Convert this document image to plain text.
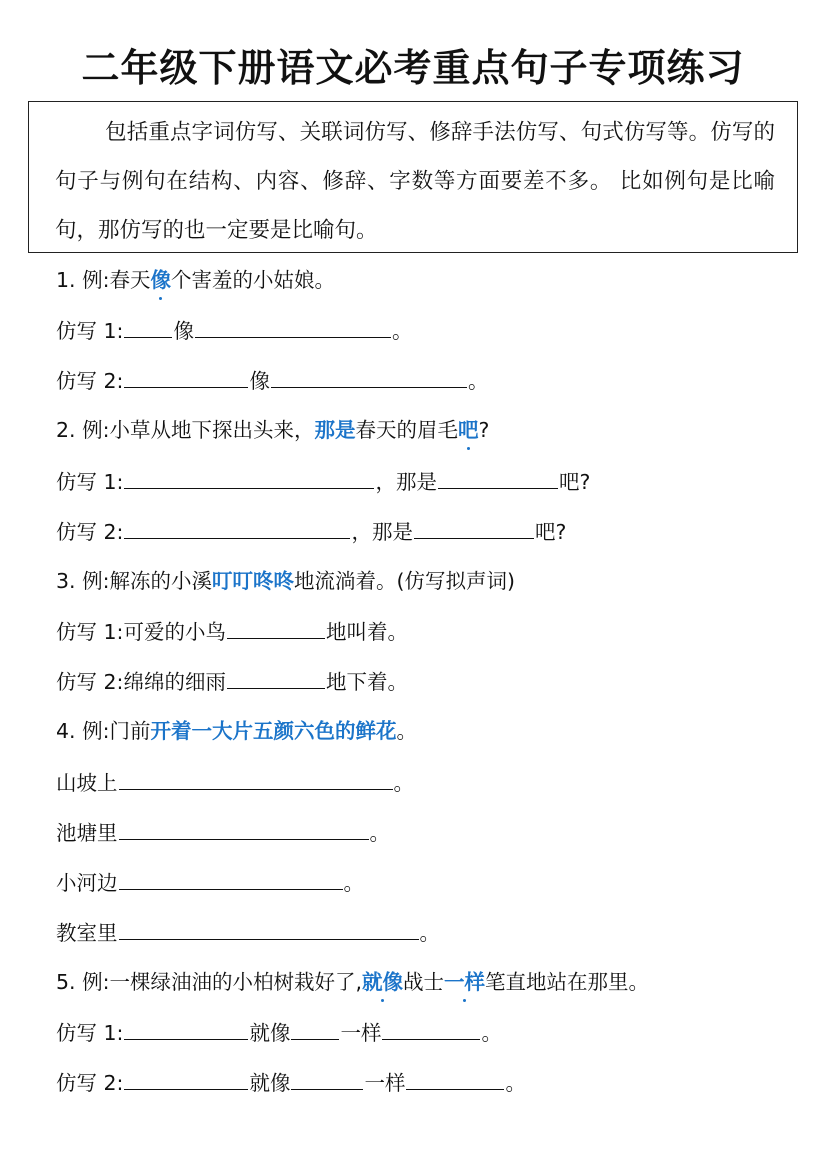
二年级下册语文必考重点句子专项练习
包括重点字词仿写、关联词仿写、修辞手法仿写、句式仿写等。仿写的句子与例句在结构、内容、修辞、字数等方面要差不多。 比如例句是比喻句，那仿写的也一定要是比喻句。
1. 例:春天像个害羞的小姑娘。
仿写 1: 像	。
仿写 2:	像	。
2. 例:小草从地下探出头来，那是春天的眉毛吧?
仿写 1:	，那是	吧?
仿写 2:	，那是	吧?
3. 例:解冻的小溪叮叮咚咚地流淌着。(仿写拟声词)
仿写 1:可爱的小鸟	地叫着。
仿写 2:绵绵的细雨	地下着。
4. 例:门前开着一大片五颜六色的鲜花。
山坡上	。
池塘里	。
小河边	。
教室里	。
5. 例:一棵绿油油的小柏树栽好了,就像战士一样笔直地站在那里。
仿写 1:	就像 一样	。
仿写 2:	就像	一样	。
